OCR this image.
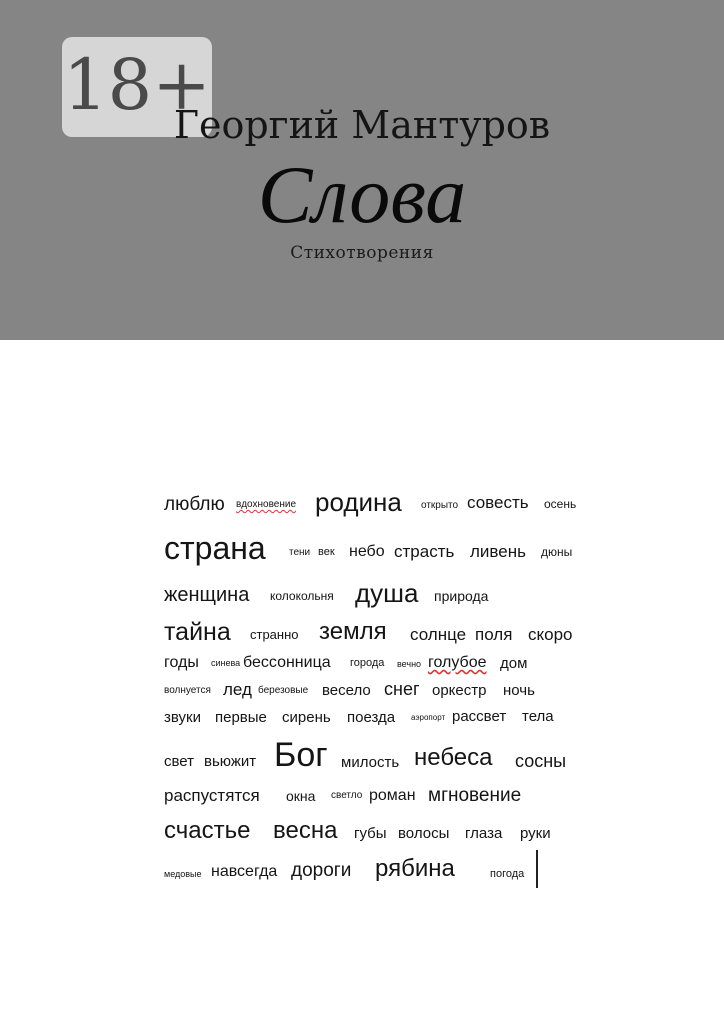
18+
Георгий Мантуров
Слова
Стихотворения
люблю вдохновение родина открыто совесть осень
страна тени век небо страсть ливень дюны
женщина колокольня душа природа
тайна странно земля солнце поля скоро
годы синева бессонница города вечно голубое дом
волнуется лед березовые весело снег оркестр ночь
звуки первые сирень поезда аэропорт рассвет тела
свет вьюжит Бог милость небеса сосны
распустятся окна светло роман мгновение
счастье весна губы волосы глаза руки
медовые навсегда дороги рябина	погода
